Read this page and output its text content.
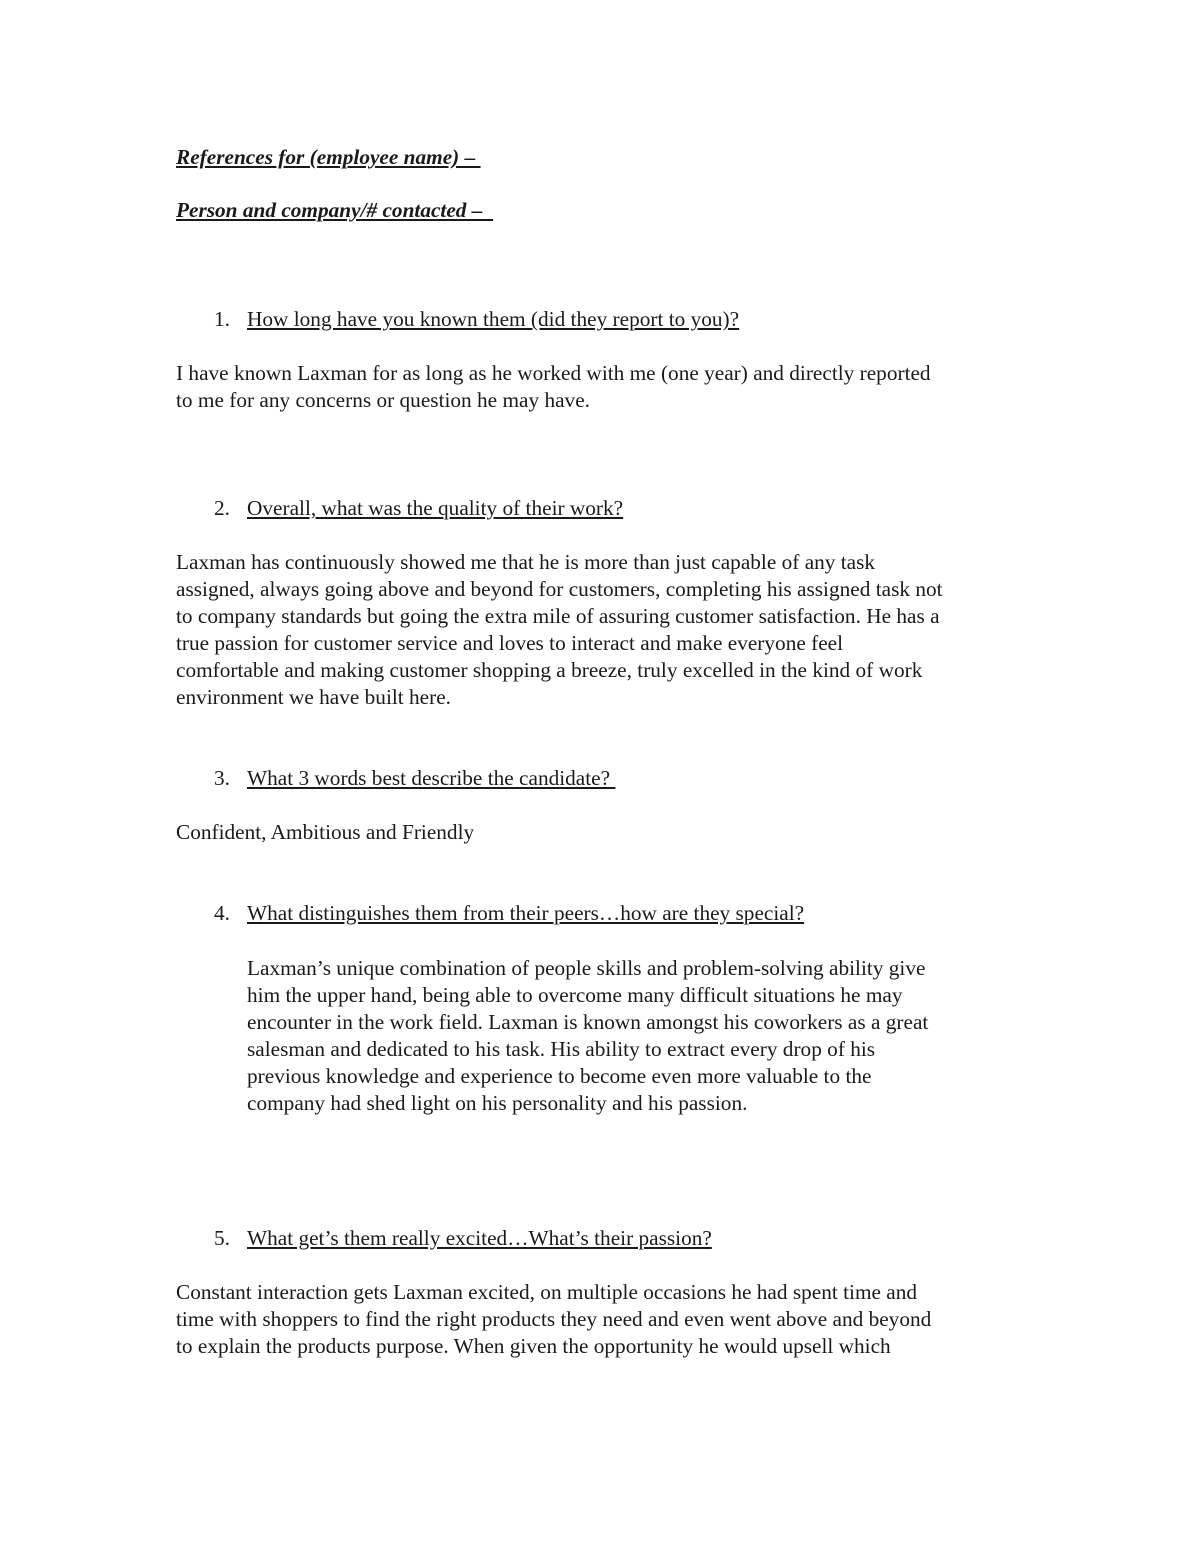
References for (employee name) –
Person and company/# contacted –
1. How long have you known them (did they report to you)?
I have known Laxman for as long as he worked with me (one year) and directly reported
to me for any concerns or question he may have.
2. Overall, what was the quality of their work?
Laxman has continuously showed me that he is more than just capable of any task
assigned, always going above and beyond for customers, completing his assigned task not
to company standards but going the extra mile of assuring customer satisfaction. He has a
true passion for customer service and loves to interact and make everyone feel
comfortable and making customer shopping a breeze, truly excelled in the kind of work
environment we have built here.
3. What 3 words best describe the candidate?
Confident, Ambitious and Friendly
4. What distinguishes them from their peers…how are they special?
Laxman’s unique combination of people skills and problem-solving ability give
him the upper hand, being able to overcome many difficult situations he may
encounter in the work field. Laxman is known amongst his coworkers as a great
salesman and dedicated to his task. His ability to extract every drop of his
previous knowledge and experience to become even more valuable to the
company had shed light on his personality and his passion.
5. What get’s them really excited…What’s their passion?
Constant interaction gets Laxman excited, on multiple occasions he had spent time and
time with shoppers to find the right products they need and even went above and beyond
to explain the products purpose. When given the opportunity he would upsell which
